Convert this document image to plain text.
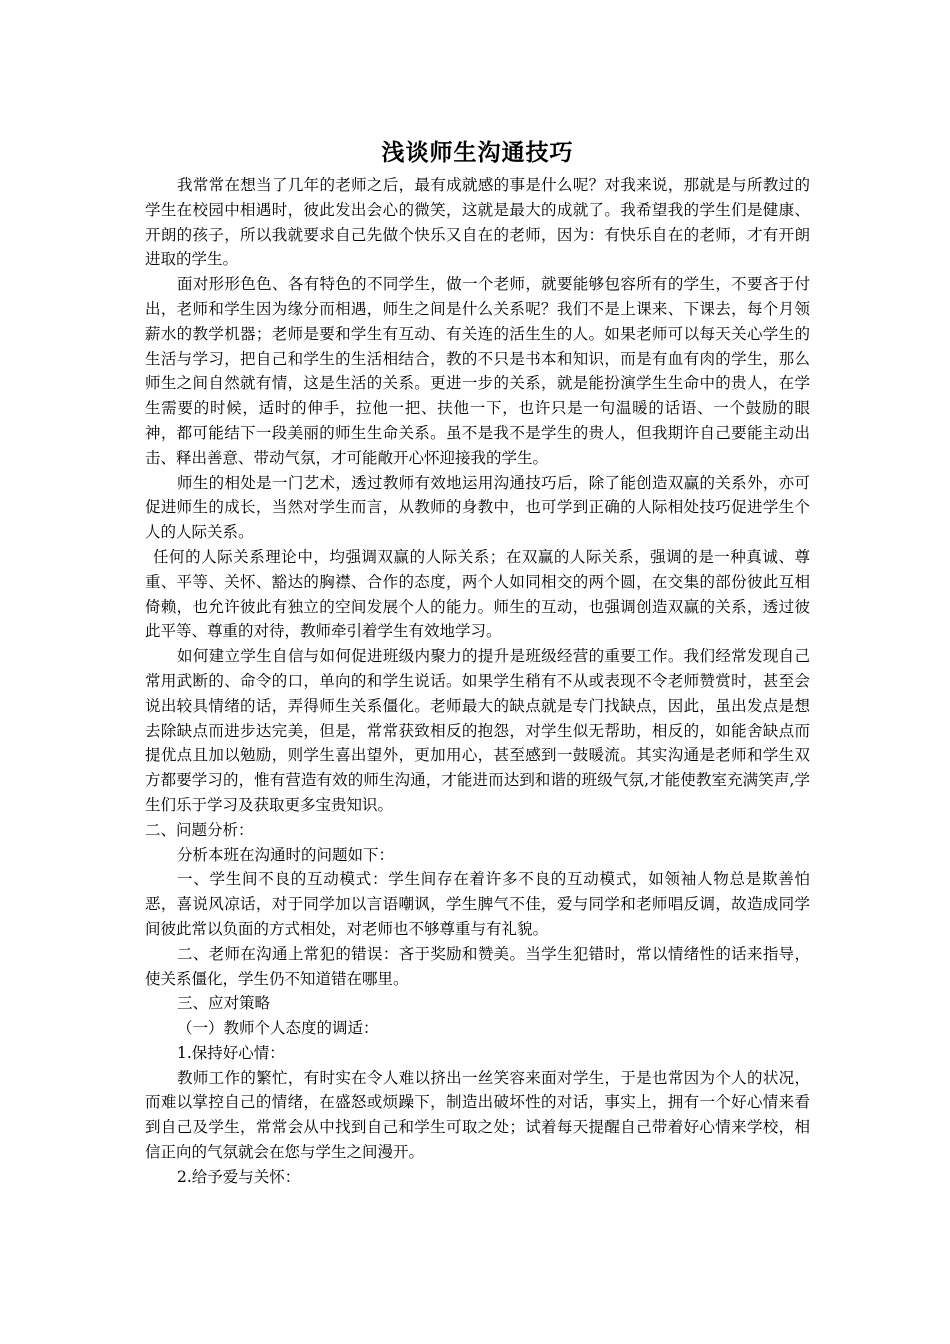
浅谈师生沟通技巧

我常常在想当了几年的老师之后，最有成就感的事是什么呢？对我来说，那就是与所教过的学生在校园中相遇时，彼此发出会心的微笑，这就是最大的成就了。我希望我的学生们是健康、开朗的孩子，所以我就要求自己先做个快乐又自在的老师，因为：有快乐自在的老师，才有开朗进取的学生。

面对形形色色、各有特色的不同学生，做一个老师，就要能够包容所有的学生，不要吝于付出，老师和学生因为缘分而相遇，师生之间是什么关系呢？我们不是上课来、下课去，每个月领薪水的教学机器；老师是要和学生有互动、有关连的活生生的人。如果老师可以每天关心学生的生活与学习，把自己和学生的生活相结合，教的不只是书本和知识，而是有血有肉的学生，那么师生之间自然就有情，这是生活的关系。更进一步的关系，就是能扮演学生生命中的贵人，在学生需要的时候，适时的伸手，拉他一把、扶他一下，也许只是一句温暖的话语、一个鼓励的眼神，都可能结下一段美丽的师生生命关系。虽不是我不是学生的贵人，但我期许自己要能主动出击、释出善意、带动气氛，才可能敞开心怀迎接我的学生。

师生的相处是一门艺术，透过教师有效地运用沟通技巧后，除了能创造双赢的关系外，亦可促进师生的成长，当然对学生而言，从教师的身教中，也可学到正确的人际相处技巧促进学生个人的人际关系。

任何的人际关系理论中，均强调双赢的人际关系；在双赢的人际关系，强调的是一种真诚、尊重、平等、关怀、豁达的胸襟、合作的态度，两个人如同相交的两个圆，在交集的部份彼此互相倚赖，也允许彼此有独立的空间发展个人的能力。师生的互动，也强调创造双赢的关系，透过彼此平等、尊重的对待，教师牵引着学生有效地学习。

如何建立学生自信与如何促进班级内聚力的提升是班级经营的重要工作。我们经常发现自己常用武断的、命令的口，单向的和学生说话。如果学生稍有不从或表现不令老师赞赏时，甚至会说出较具情绪的话，弄得师生关系僵化。老师最大的缺点就是专门找缺点，因此，虽出发点是想去除缺点而进步达完美，但是，常常获致相反的抱怨，对学生似无帮助，相反的，如能舍缺点而提优点且加以勉励，则学生喜出望外，更加用心，甚至感到一鼓暖流。其实沟通是老师和学生双方都要学习的，惟有营造有效的师生沟通，才能进而达到和谐的班级气氛,才能使教室充满笑声,学生们乐于学习及获取更多宝贵知识。

二、问题分析：

分析本班在沟通时的问题如下：

一、学生间不良的互动模式：学生间存在着许多不良的互动模式，如领袖人物总是欺善怕恶，喜说风凉话，对于同学加以言语嘲讽，学生脾气不佳，爱与同学和老师唱反调，故造成同学间彼此常以负面的方式相处，对老师也不够尊重与有礼貌。

二、老师在沟通上常犯的错误：吝于奖励和赞美。当学生犯错时，常以情绪性的话来指导，使关系僵化，学生仍不知道错在哪里。

三、应对策略

（一）教师个人态度的调适：

1.保持好心情：

教师工作的繁忙，有时实在令人难以挤出一丝笑容来面对学生，于是也常因为个人的状况，而难以掌控自己的情绪，在盛怒或烦躁下，制造出破坏性的对话，事实上，拥有一个好心情来看到自己及学生，常常会从中找到自己和学生可取之处；试着每天提醒自己带着好心情来学校，相信正向的气氛就会在您与学生之间漫开。

2.给予爱与关怀：
